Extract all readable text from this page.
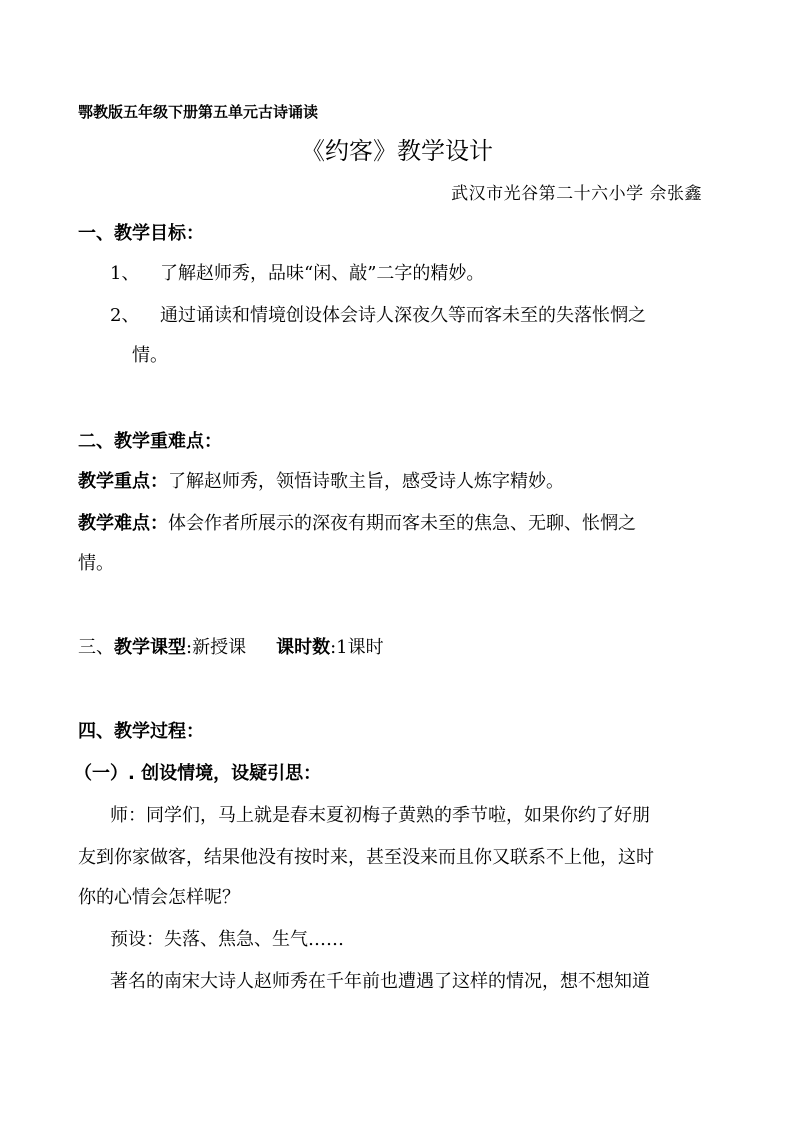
鄂教版五年级下册第五单元古诗诵读
《约客》教学设计
武汉市光谷第二十六小学 佘张鑫
一、教学目标：
1、 了解赵师秀，品味“闲、敲”二字的精妙。
2、 通过诵读和情境创设体会诗人深夜久等而客未至的失落怅惘之
情。
二、教学重难点：
教学重点：了解赵师秀，领悟诗歌主旨，感受诗人炼字精妙。
教学难点：体会作者所展示的深夜有期而客未至的焦急、无聊、怅惘之
情。
三、教学课型:新授课 课时数:1课时
四、教学过程：
（一）. 创设情境，设疑引思：
师：同学们，马上就是春末夏初梅子黄熟的季节啦，如果你约了好朋
友到你家做客，结果他没有按时来，甚至没来而且你又联系不上他，这时
你的心情会怎样呢？
预设：失落、焦急、生气……
著名的南宋大诗人赵师秀在千年前也遭遇了这样的情况，想不想知道
